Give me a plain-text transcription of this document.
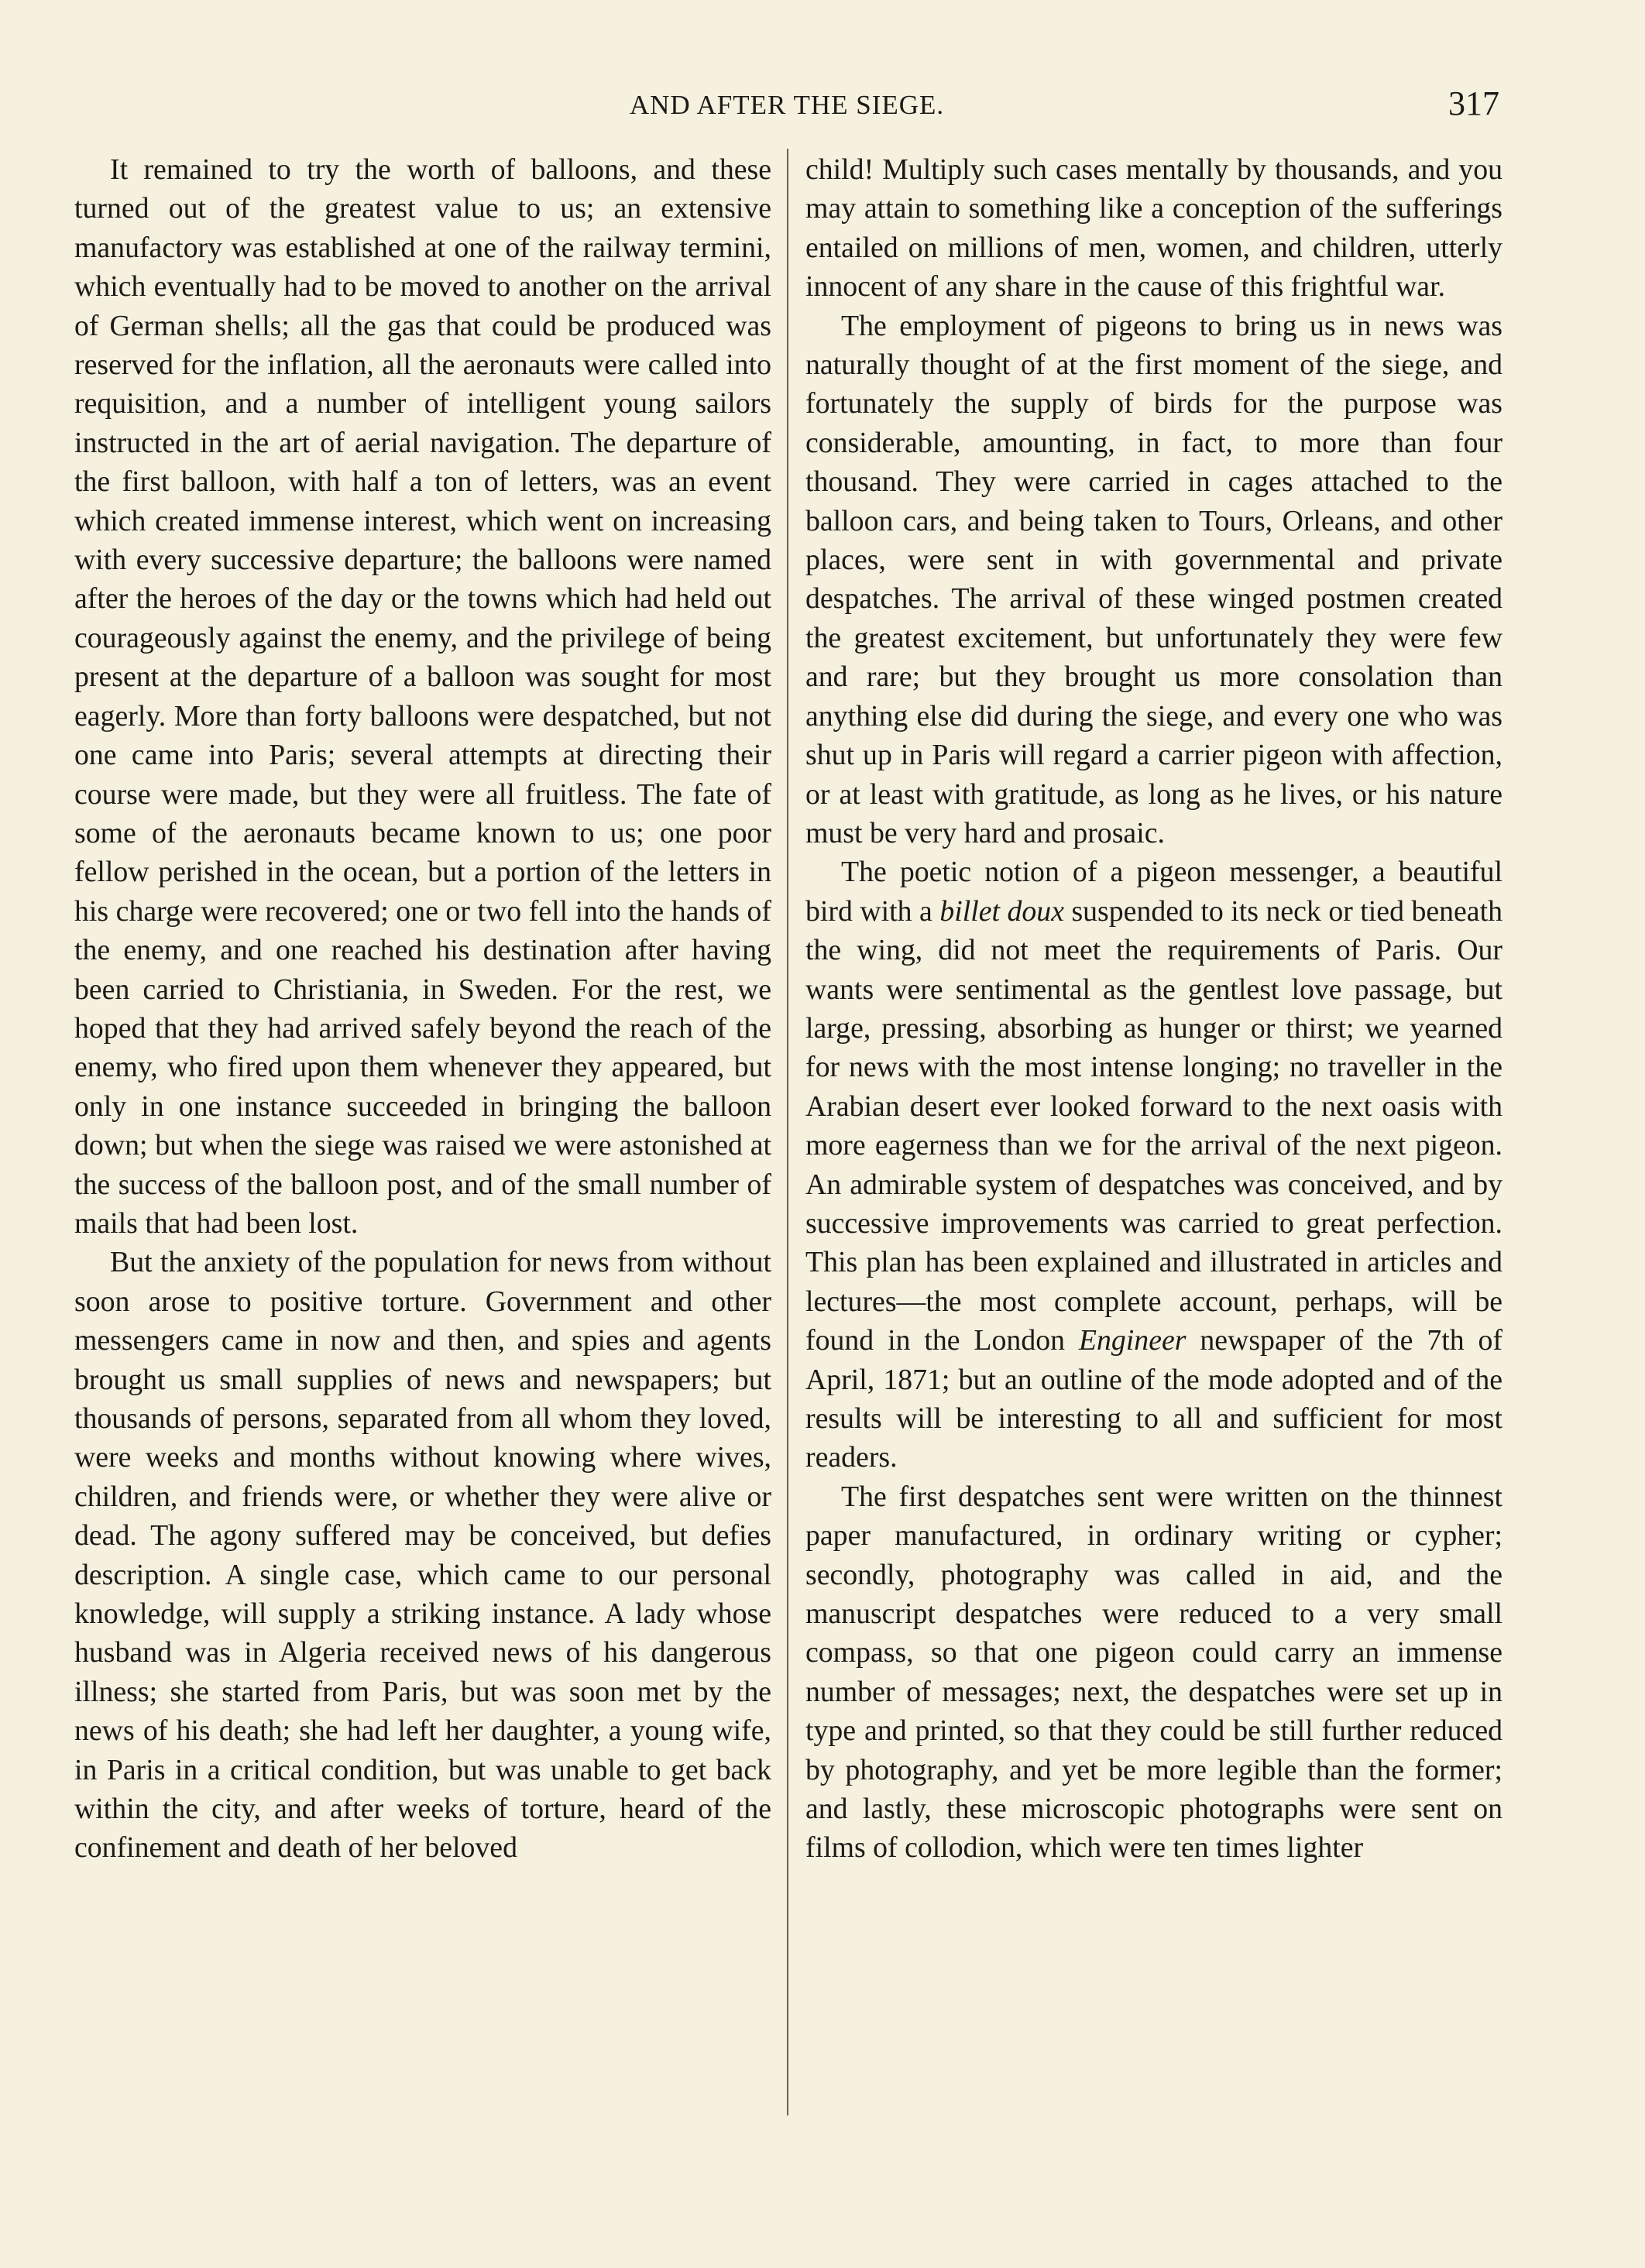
AND AFTER THE SIEGE.	317

It remained to try the worth of balloons, and these turned out of the greatest value to us; an extensive manufactory was established at one of the railway termini, which eventually had to be moved to another on the arrival of German shells; all the gas that could be produced was reserved for the inflation, all the aeronauts were called into requisition, and a number of intelligent young sailors instructed in the art of aerial navigation. The departure of the first balloon, with half a ton of letters, was an event which created immense interest, which went on increasing with every successive departure; the balloons were named after the heroes of the day or the towns which had held out courageously against the enemy, and the privilege of being present at the departure of a balloon was sought for most eagerly. More than forty balloons were despatched, but not one came into Paris; several attempts at directing their course were made, but they were all fruitless. The fate of some of the aeronauts became known to us; one poor fellow perished in the ocean, but a portion of the letters in his charge were recovered; one or two fell into the hands of the enemy, and one reached his destination after having been carried to Christiania, in Sweden. For the rest, we hoped that they had arrived safely beyond the reach of the enemy, who fired upon them whenever they appeared, but only in one instance succeeded in bringing the balloon down; but when the siege was raised we were astonished at the success of the balloon post, and of the small number of mails that had been lost.

But the anxiety of the population for news from without soon arose to positive torture. Government and other messengers came in now and then, and spies and agents brought us small supplies of news and newspapers; but thousands of persons, separated from all whom they loved, were weeks and months without knowing where wives, children, and friends were, or whether they were alive or dead. The agony suffered may be conceived, but defies description. A single case, which came to our personal knowledge, will supply a striking instance. A lady whose husband was in Algeria received news of his dangerous illness; she started from Paris, but was soon met by the news of his death; she had left her daughter, a young wife, in Paris in a critical condition, but was unable to get back within the city, and after weeks of torture, heard of the confinement and death of her beloved

child! Multiply such cases mentally by thousands, and you may attain to something like a conception of the sufferings entailed on millions of men, women, and children, utterly innocent of any share in the cause of this frightful war.

The employment of pigeons to bring us in news was naturally thought of at the first moment of the siege, and fortunately the supply of birds for the purpose was considerable, amounting, in fact, to more than four thousand. They were carried in cages attached to the balloon cars, and being taken to Tours, Orleans, and other places, were sent in with governmental and private despatches. The arrival of these winged postmen created the greatest excitement, but unfortunately they were few and rare; but they brought us more consolation than anything else did during the siege, and every one who was shut up in Paris will regard a carrier pigeon with affection, or at least with gratitude, as long as he lives, or his nature must be very hard and prosaic.

The poetic notion of a pigeon messenger, a beautiful bird with a billet doux suspended to its neck or tied beneath the wing, did not meet the requirements of Paris. Our wants were sentimental as the gentlest love passage, but large, pressing, absorbing as hunger or thirst; we yearned for news with the most intense longing; no traveller in the Arabian desert ever looked forward to the next oasis with more eagerness than we for the arrival of the next pigeon. An admirable system of despatches was conceived, and by successive improvements was carried to great perfection. This plan has been explained and illustrated in articles and lectures—the most complete account, perhaps, will be found in the London Engineer newspaper of the 7th of April, 1871; but an outline of the mode adopted and of the results will be interesting to all and sufficient for most readers.

The first despatches sent were written on the thinnest paper manufactured, in ordinary writing or cypher; secondly, photography was called in aid, and the manuscript despatches were reduced to a very small compass, so that one pigeon could carry an immense number of messages; next, the despatches were set up in type and printed, so that they could be still further reduced by photography, and yet be more legible than the former; and lastly, these microscopic photographs were sent on films of collodion, which were ten times lighter
